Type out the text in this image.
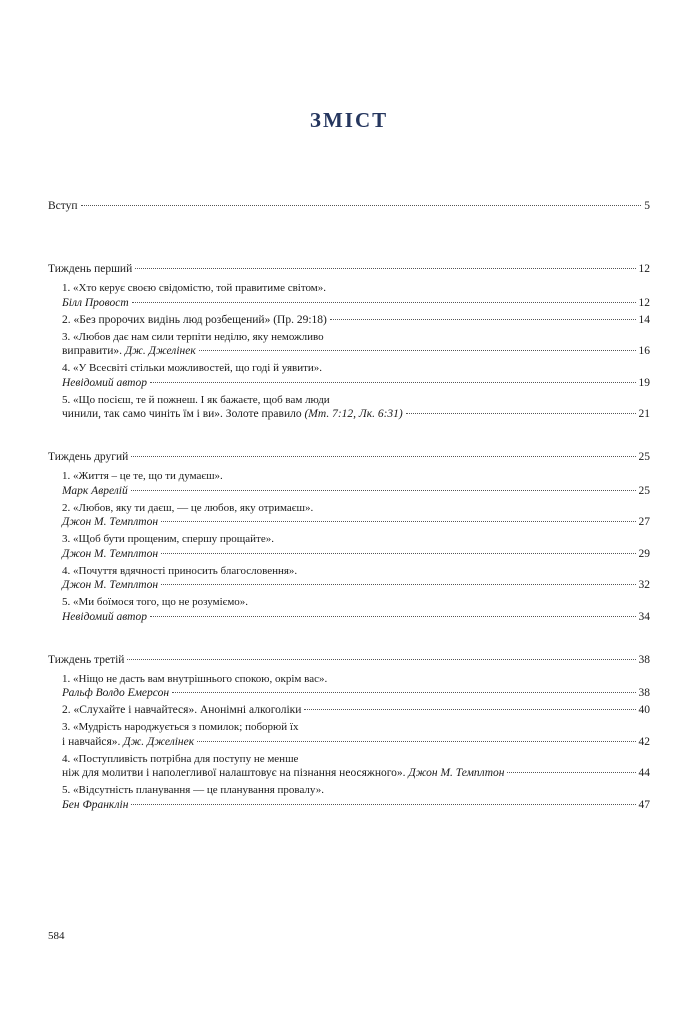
ЗМІСТ
Вступ	5
Тиждень перший	12
1. «Хто керує своєю свідомістю, той правитиме світом».
Білл Провост	12
2. «Без пророчих видінь люд розбещений» (Пр. 29:18)	14
3. «Любов дає нам сили терпіти неділю, яку неможливо
виправити».
Дж. Джелінек	16
4. «У Всесвіті стільки можливостей, що годі й уявити».
Невідомий автор	19
5. «Що посієш, те й пожнеш. І як бажаєте, щоб вам люди
чинили, так само чиніть їм і ви». Золоте правило
(Мт. 7:12, Лк. 6:31)	21
Тиждень другий	25
1. «Життя – це те, що ти думаєш».
Марк Аврелій	25
2. «Любов, яку ти даєш, — це любов, яку отримаєш».
Джон М. Темплтон	27
3. «Щоб бути прощеним, спершу прощайте».
Джон М. Темплтон	29
4. «Почуття вдячності приносить благословення».
Джон М. Темплтон	32
5. «Ми боїмося того, що не розуміємо».
Невідомий автор	34
Тиждень третій	38
1. «Ніщо не дасть вам внутрішнього спокою, окрім вас».
Ральф Волдо Емерсон	38
2. «Слухайте і навчайтеся». Анонімні алкоголіки	40
3. «Мудрість народжується з помилок; поборюй їх
і навчайся».
Дж. Джелінек	42
4. «Поступливість потрібна для поступу не менше
ніж для молитви і наполегливої налаштовує на пізнання неосяжного».
Джон М. Темплтон	44
5. «Відсутність планування — це планування провалу».
Бен Франклін	47
584
